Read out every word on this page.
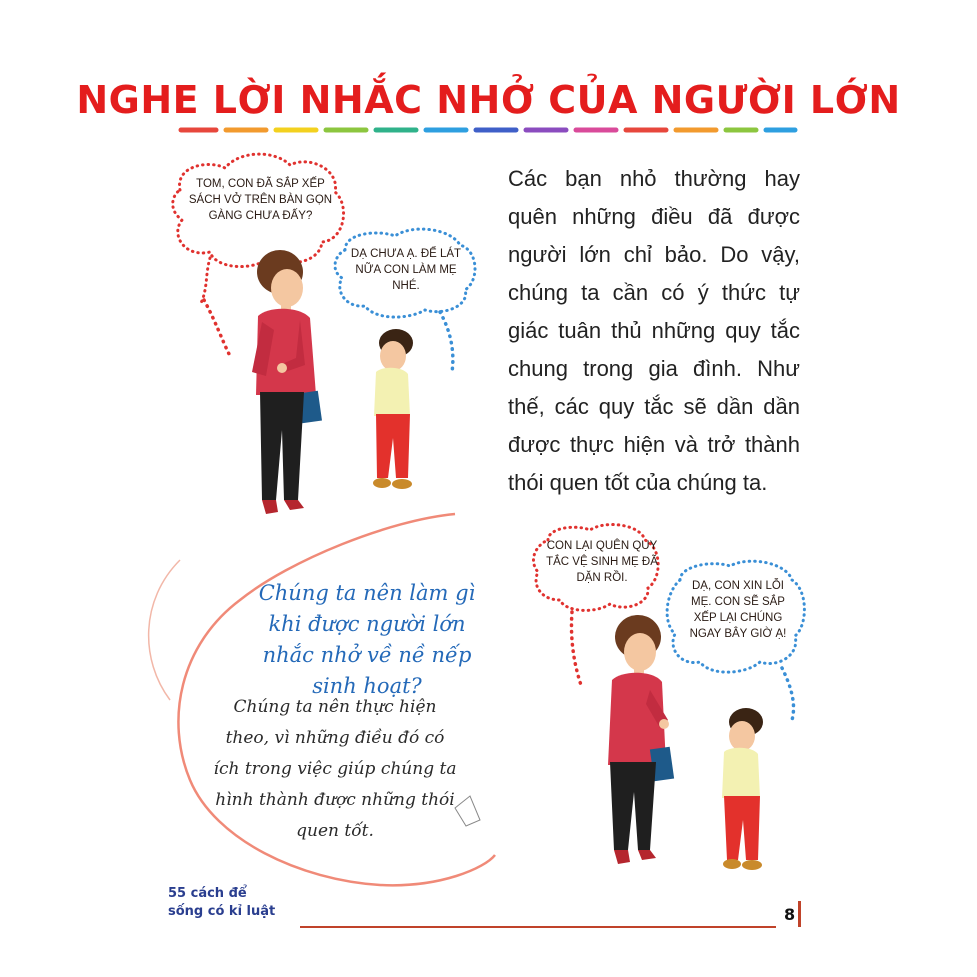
NGHE LỜI NHẮC NHỞ CỦA NGƯỜI LỚN
Các bạn nhỏ thường hay quên những điều đã được người lớn chỉ bảo. Do vậy, chúng ta cần có ý thức tự giác tuân thủ những quy tắc chung trong gia đình. Như thế, các quy tắc sẽ dần dần được thực hiện và trở thành thói quen tốt của chúng ta.
TOM, CON ĐÃ SẮP XẾP SÁCH VỞ TRÊN BÀN GỌN GÀNG CHƯA ĐẤY?
DẠ CHƯA Ạ. ĐỂ LÁT NỮA CON LÀM MẸ NHÉ.
CON LẠI QUÊN QUY TẮC VỆ SINH MẸ ĐÃ DẶN RỒI.
DẠ, CON XIN LỖI MẸ. CON SẼ SẮP XẾP LẠI CHÚNG NGAY BÂY GIỜ Ạ!
Chúng ta nên làm gì khi được người lớn nhắc nhở về nề nếp sinh hoạt?
Chúng ta nên thực hiện theo, vì những điều đó có ích trong việc giúp chúng ta hình thành được những thói quen tốt.
55 cách để
sống có kỉ luật	8
